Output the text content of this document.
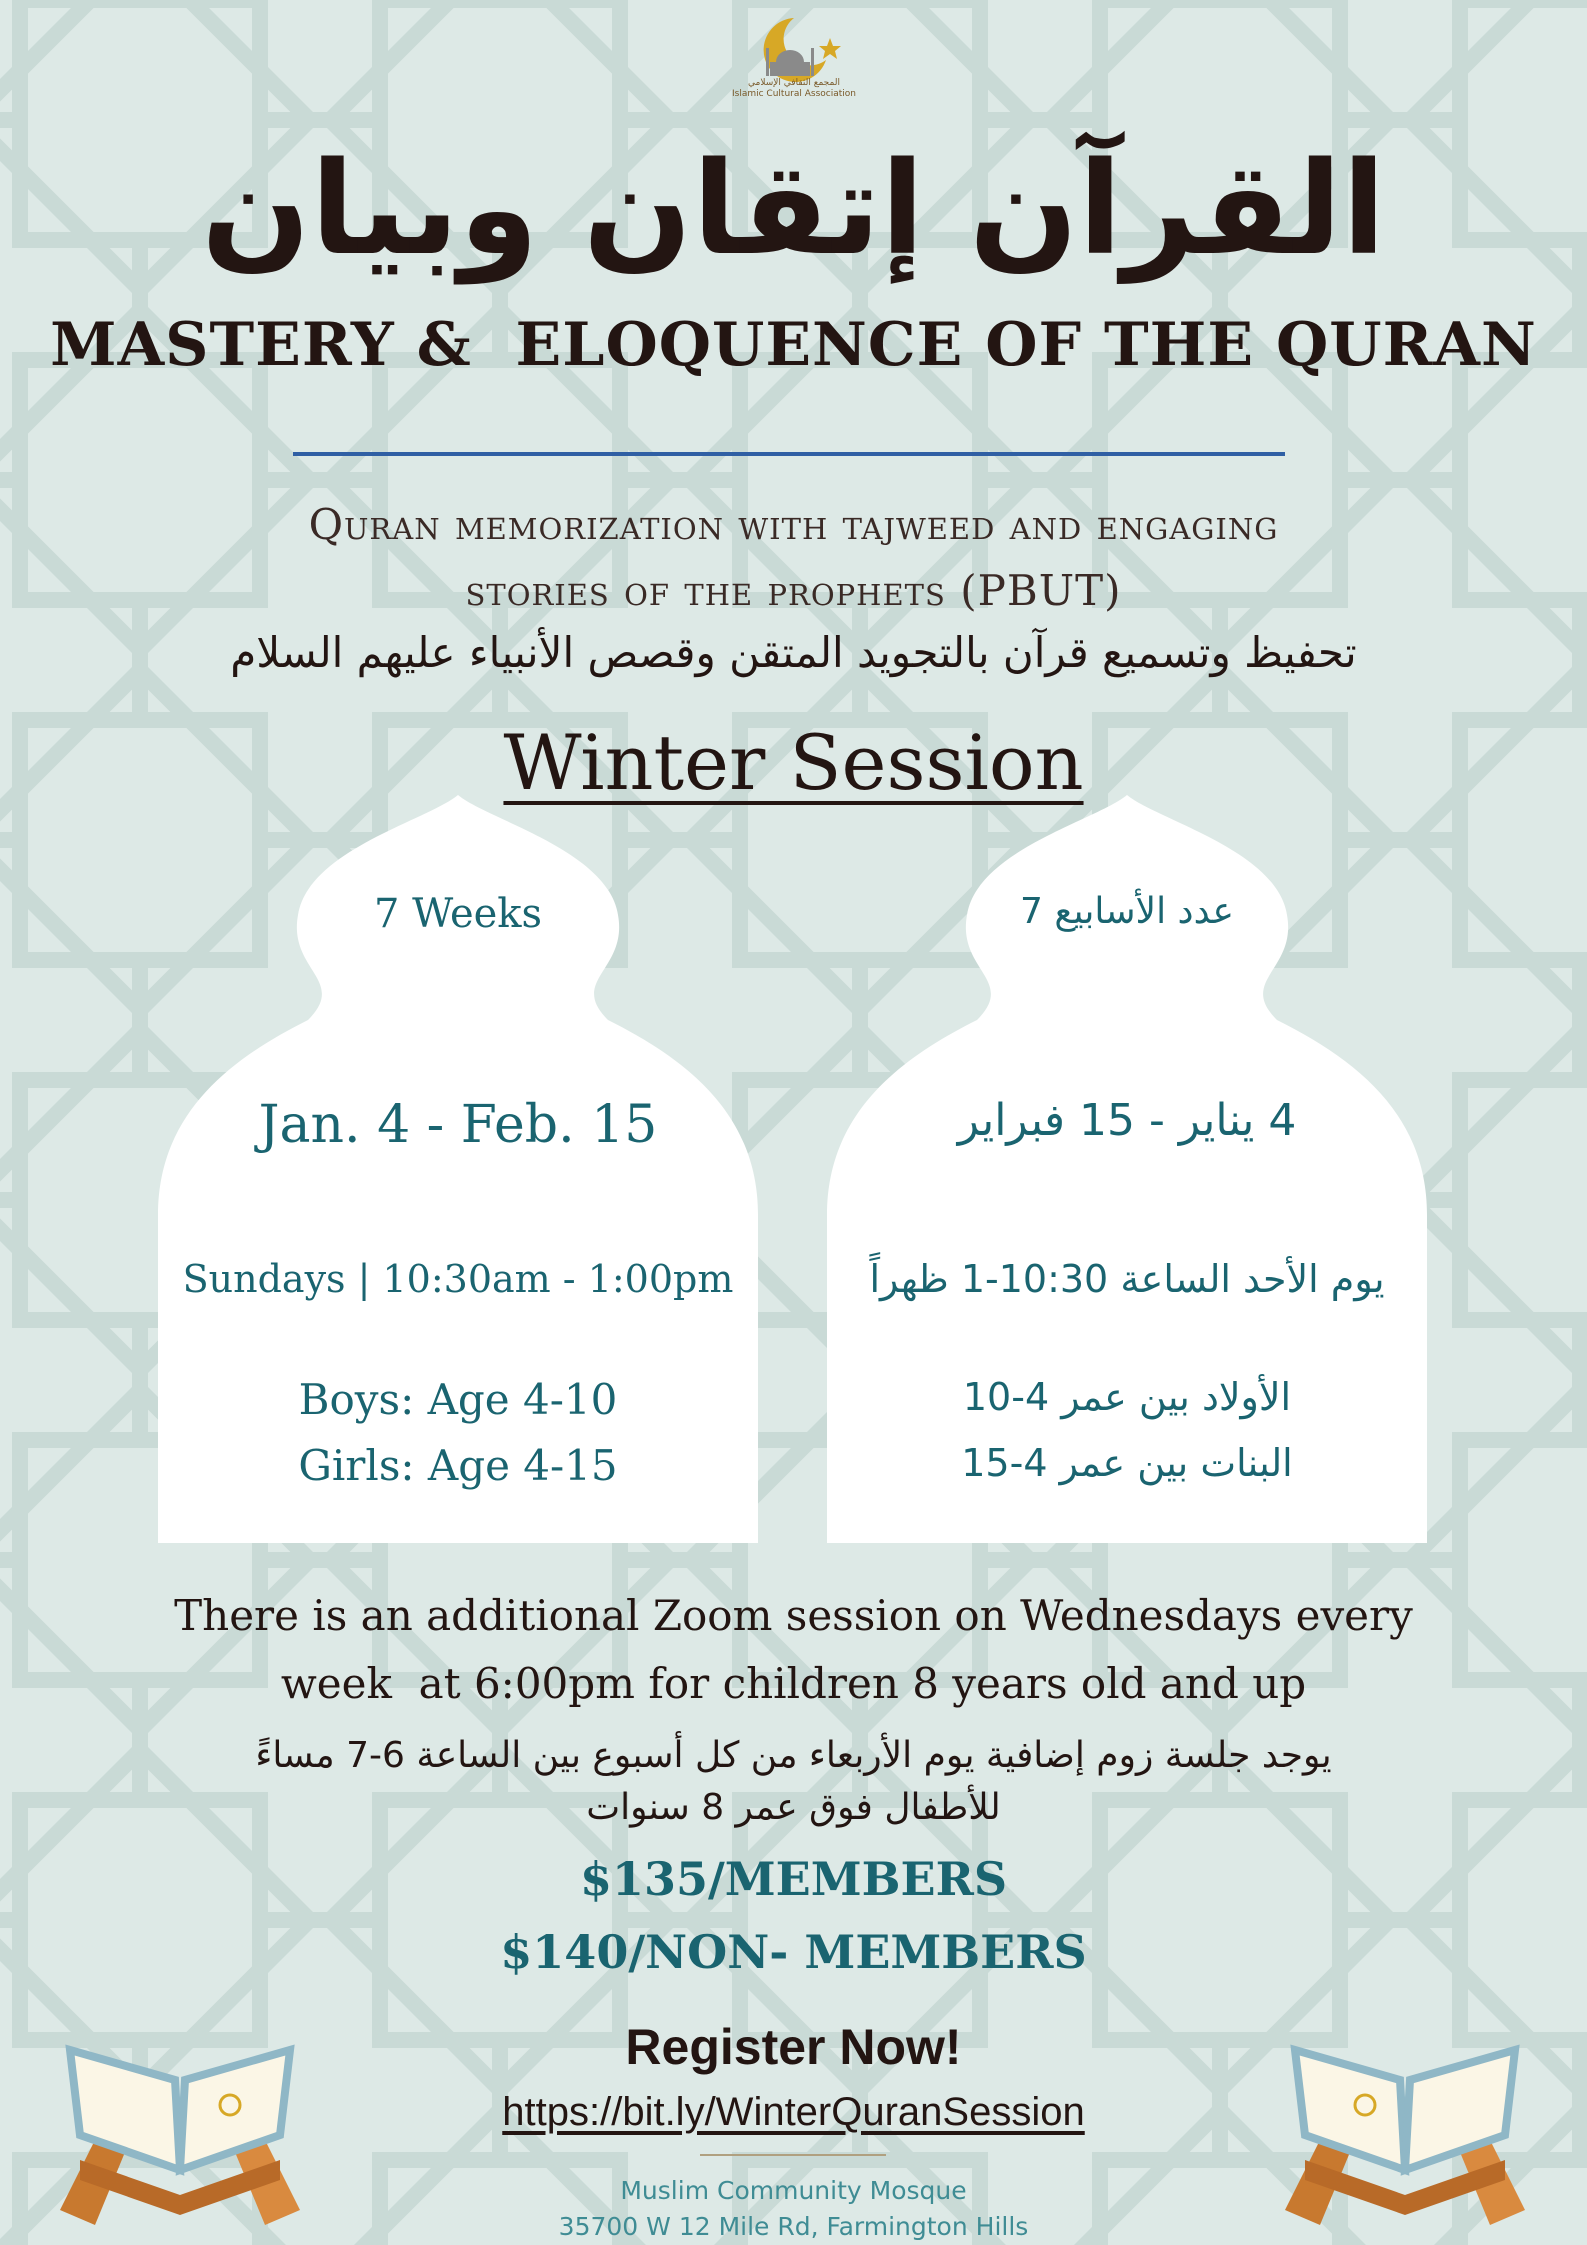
المجمع الثقافي الإسلامي
Islamic Cultural Association
القرآن إتقان وبيان
MASTERY &  ELOQUENCE OF THE QURAN
Quran memorization with tajweed and engaging
stories of the prophets (PBUT)
تحفيظ وتسميع قرآن بالتجويد المتقن وقصص الأنبياء عليهم السلام
Winter Session
7 Weeks
Jan. 4 - Feb. 15
Sundays | 10:30am - 1:00pm
Boys: Age 4-10
Girls: Age 4-15
عدد الأسابيع 7
4 يناير - 15 فبراير
يوم الأحد الساعة 10:30-1 ظهراً
الأولاد بين عمر 4-10
البنات بين عمر 4-15
There is an additional Zoom session on Wednesdays every
week  at 6:00pm for children 8 years old and up
يوجد جلسة زوم إضافية يوم الأربعاء من كل أسبوع بين الساعة 6-7 مساءً
للأطفال فوق عمر 8 سنوات
$135/MEMBERS
$140/NON- MEMBERS
Register Now!
https://bit.ly/WinterQuranSession
Muslim Community Mosque
35700 W 12 Mile Rd, Farmington Hills
